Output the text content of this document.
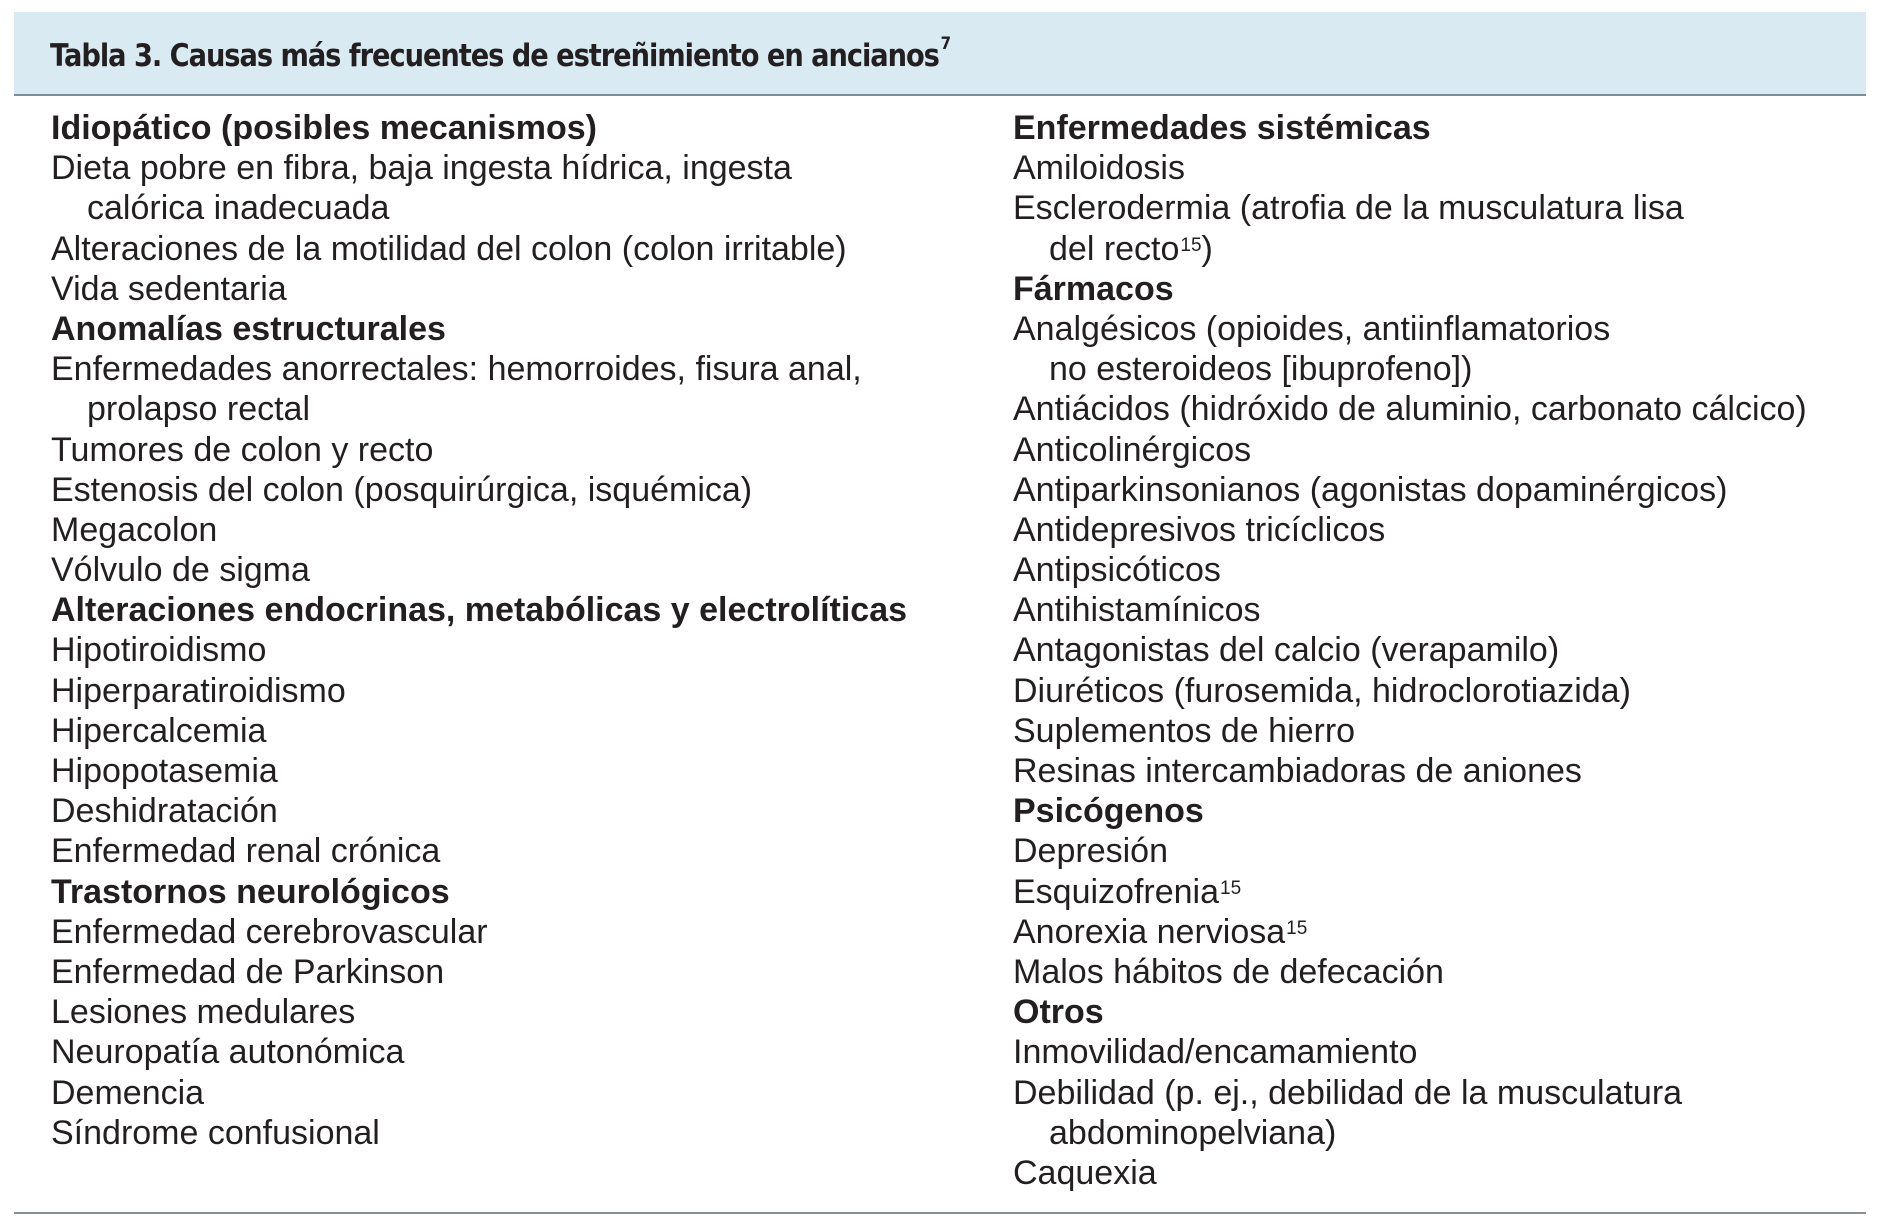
Tabla 3. Causas más frecuentes de estreñimiento en ancianos $^7$
Idiopático (posibles mecanismos)
Dieta pobre en fibra, baja ingesta hídrica, ingesta
calórica inadecuada
Alteraciones de la motilidad del colon (colon irritable)
Vida sedentaria
Anomalías estructurales
Enfermedades anorrectales: hemorroides, fisura anal,
prolapso rectal
Tumores de colon y recto
Estenosis del colon (posquirúrgica, isquémica)
Megacolon
Vólvulo de sigma
Alteraciones endocrinas, metabólicas y electrolíticas
Hipotiroidismo
Hiperparatiroidismo
Hipercalcemia
Hipopotasemia
Deshidratación
Enfermedad renal crónica
Trastornos neurológicos
Enfermedad cerebrovascular
Enfermedad de Parkinson
Lesiones medulares
Neuropatía autonómica
Demencia
Síndrome confusional
Enfermedades sistémicas
Amiloidosis
Esclerodermia (atrofia de la musculatura lisa
del recto$^{15}$)
Fármacos
Analgésicos (opioides, antiinflamatorios
no esteroideos [ibuprofeno])
Antiácidos (hidróxido de aluminio, carbonato cálcico)
Anticolinérgicos
Antiparkinsonianos (agonistas dopaminérgicos)
Antidepresivos tricíclicos
Antipsicóticos
Antihistamínicos
Antagonistas del calcio (verapamilo)
Diuréticos (furosemida, hidroclorotiazida)
Suplementos de hierro
Resinas intercambiadoras de aniones
Psicógenos
Depresión
Esquizofrenia$^{15}$
Anorexia nerviosa$^{15}$
Malos hábitos de defecación
Otros
Inmovilidad/encamamiento
Debilidad (p. ej., debilidad de la musculatura
abdominopelviana)
Caquexia
